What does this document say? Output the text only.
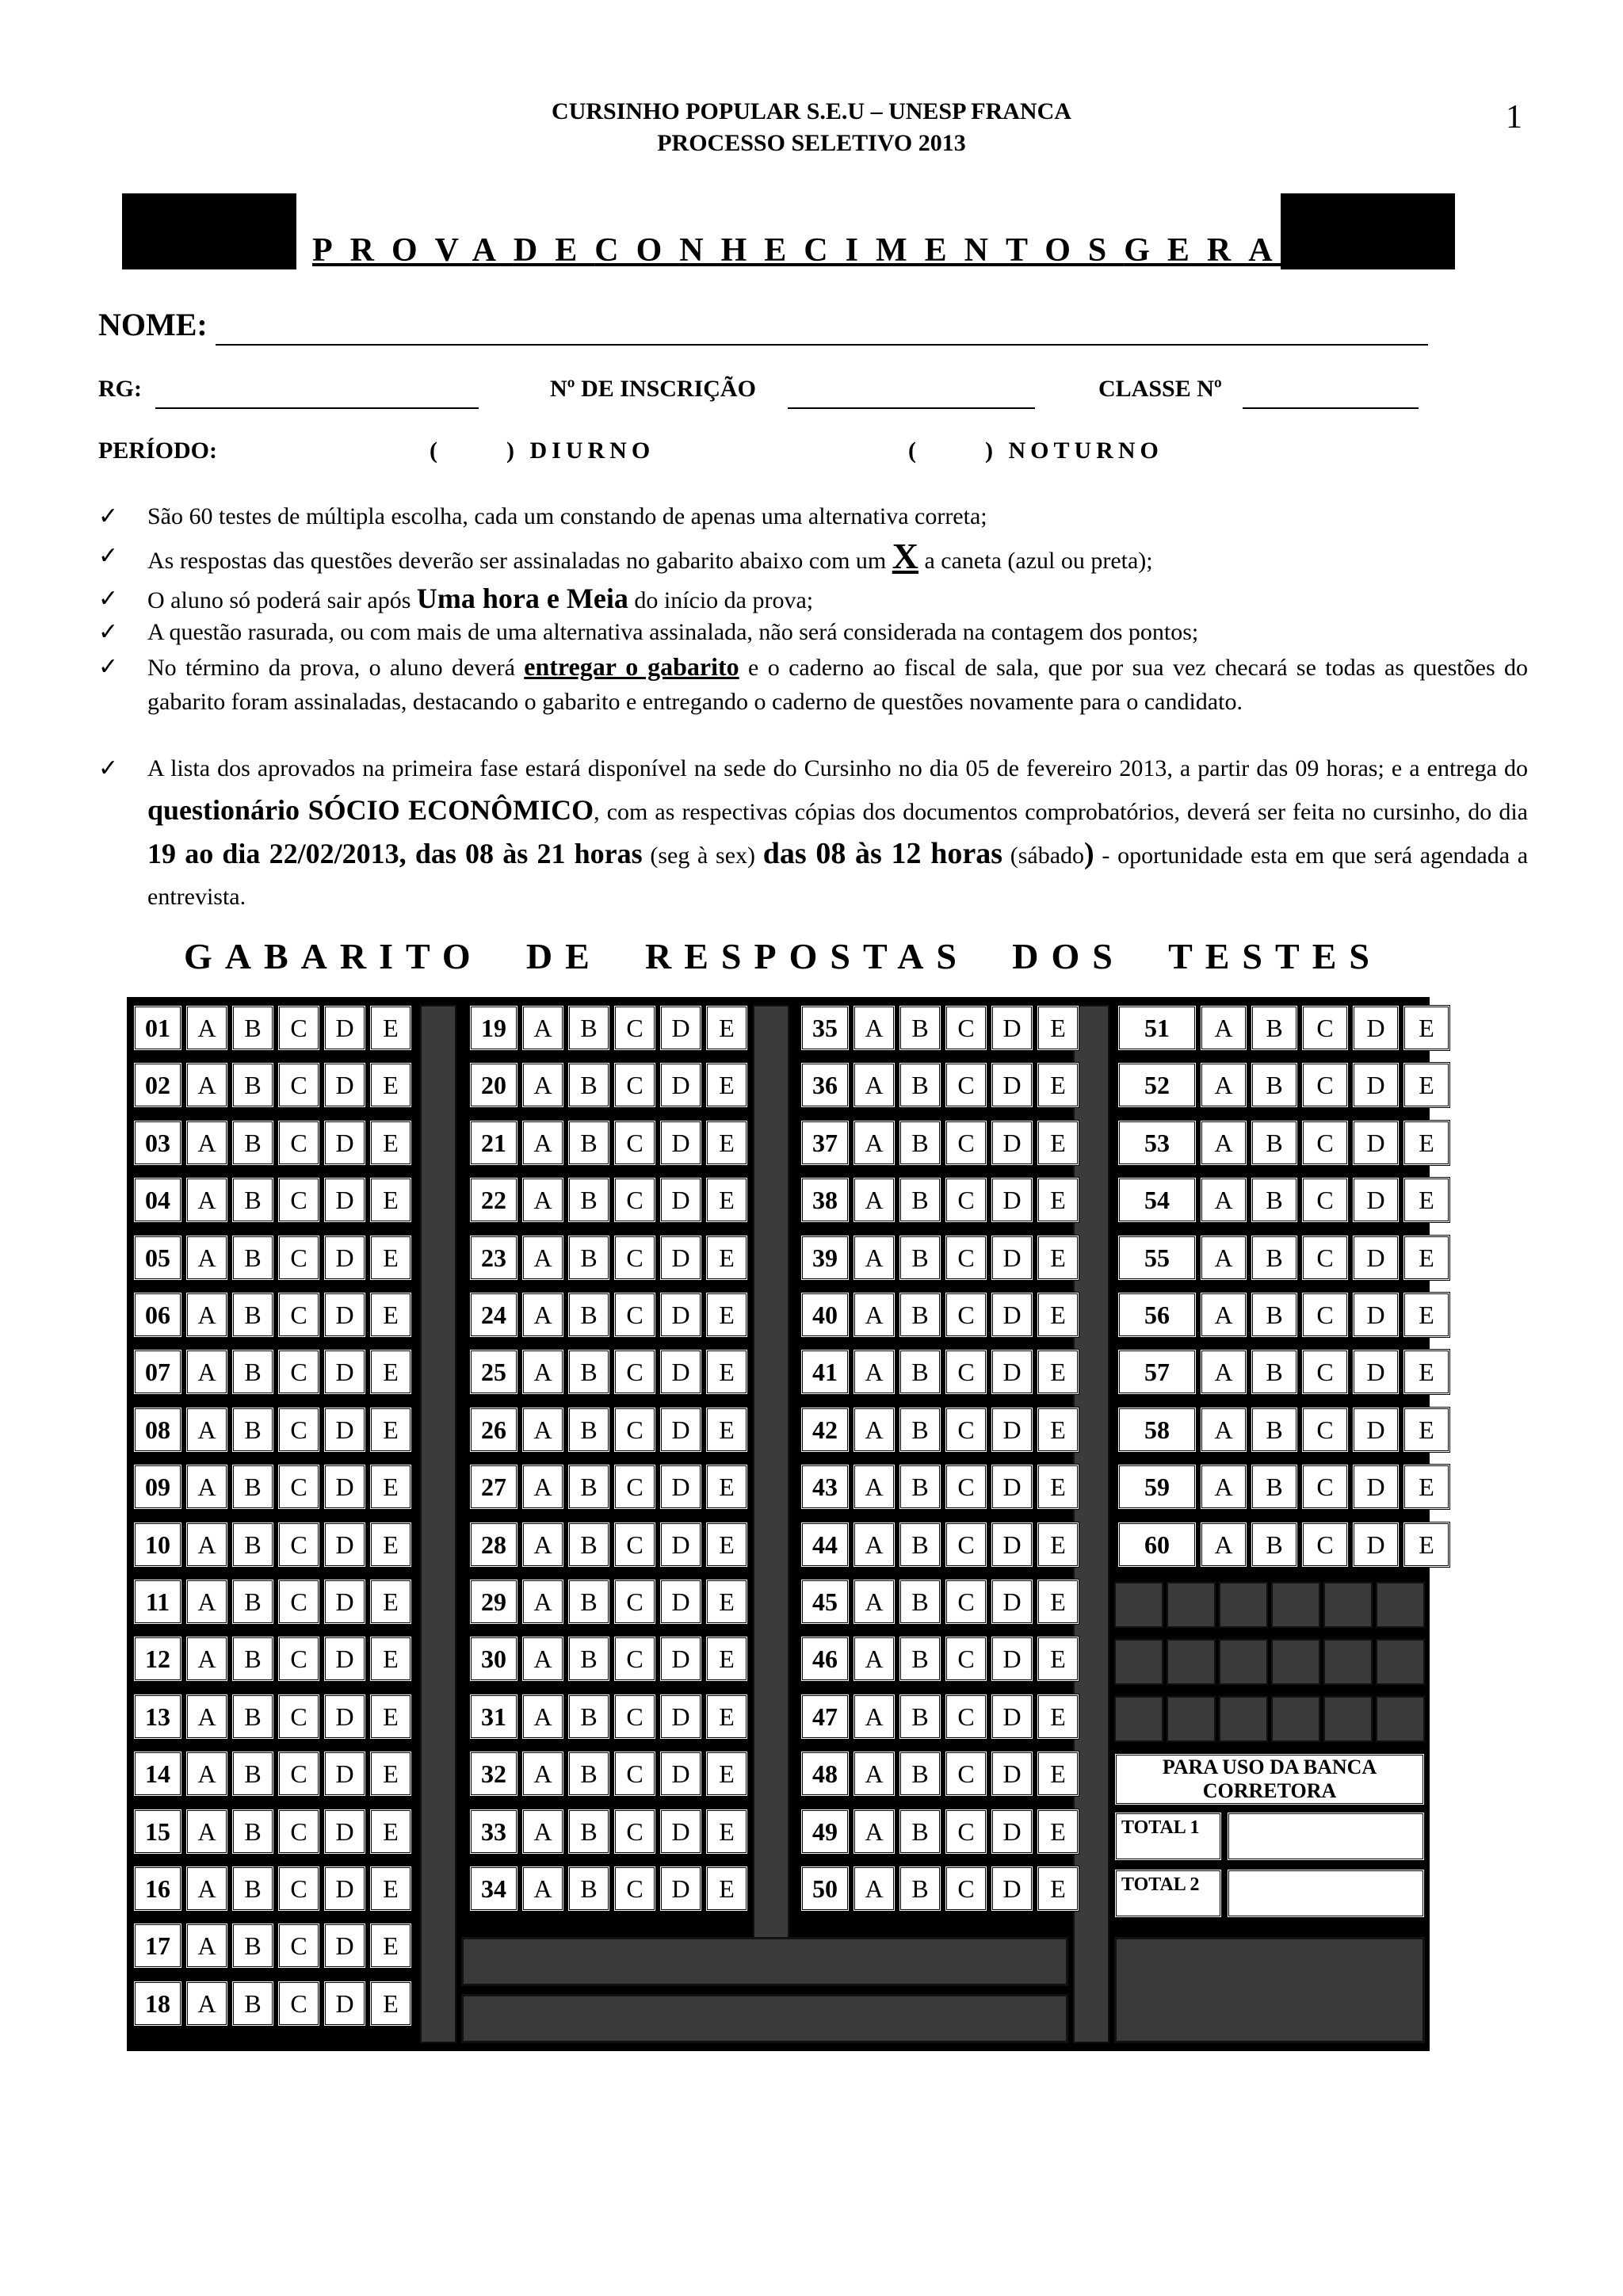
CURSINHO POPULAR S.E.U – UNESP FRANCA
PROCESSO SELETIVO 2013
1
PROVA DE CONHECIMENTOS GERAIS
NOME:
RG:	Nº DE INSCRIÇÃO	CLASSE Nº
PERÍODO:	(      ) DIURNO	(      ) NOTURNO
✓ São 60 testes de múltipla escolha, cada um constando de apenas uma alternativa correta;
✓ As respostas das questões deverão ser assinaladas no gabarito abaixo com um X a caneta (azul ou preta);
✓ O aluno só poderá sair após Uma hora e Meia do início da prova;
✓ A questão rasurada, ou com mais de uma alternativa assinalada, não será considerada na contagem dos pontos;
✓ No término da prova, o aluno deverá entregar o gabarito e o caderno ao fiscal de sala, que por sua vez checará se todas as questões do gabarito foram assinaladas, destacando o gabarito e entregando o caderno de questões novamente para o candidato.
✓ A lista dos aprovados na primeira fase estará disponível na sede do Cursinho no dia 05 de fevereiro 2013, a partir das 09 horas; e a entrega do questionário SÓCIO ECONÔMICO, com as respectivas cópias dos documentos comprobatórios, deverá ser feita no cursinho, do dia 19 ao dia 22/02/2013, das 08 às 21 horas (seg à sex) das 08 às 12 horas (sábado) - oportunidade esta em que será agendada a entrevista.
GABARITO DE RESPOSTAS DOS TESTES
PARA USO DA BANCA
CORRETORA
TOTAL 1
TOTAL 2
01	A	B	C	D	E
02	A	B	C	D	E
03	A	B	C	D	E
04	A	B	C	D	E
05	A	B	C	D	E
06	A	B	C	D	E
07	A	B	C	D	E
08	A	B	C	D	E
09	A	B	C	D	E
10	A	B	C	D	E
11	A	B	C	D	E
12	A	B	C	D	E
13	A	B	C	D	E
14	A	B	C	D	E
15	A	B	C	D	E
16	A	B	C	D	E
17	A	B	C	D	E
18	A	B	C	D	E
19	A	B	C	D	E
20	A	B	C	D	E
21	A	B	C	D	E
22	A	B	C	D	E
23	A	B	C	D	E
24	A	B	C	D	E
25	A	B	C	D	E
26	A	B	C	D	E
27	A	B	C	D	E
28	A	B	C	D	E
29	A	B	C	D	E
30	A	B	C	D	E
31	A	B	C	D	E
32	A	B	C	D	E
33	A	B	C	D	E
34	A	B	C	D	E
35	A	B	C	D	E
36	A	B	C	D	E
37	A	B	C	D	E
38	A	B	C	D	E
39	A	B	C	D	E
40	A	B	C	D	E
41	A	B	C	D	E
42	A	B	C	D	E
43	A	B	C	D	E
44	A	B	C	D	E
45	A	B	C	D	E
46	A	B	C	D	E
47	A	B	C	D	E
48	A	B	C	D	E
49	A	B	C	D	E
50	A	B	C	D	E
51	A	B	C	D	E
52	A	B	C	D	E
53	A	B	C	D	E
54	A	B	C	D	E
55	A	B	C	D	E
56	A	B	C	D	E
57	A	B	C	D	E
58	A	B	C	D	E
59	A	B	C	D	E
60	A	B	C	D	E
